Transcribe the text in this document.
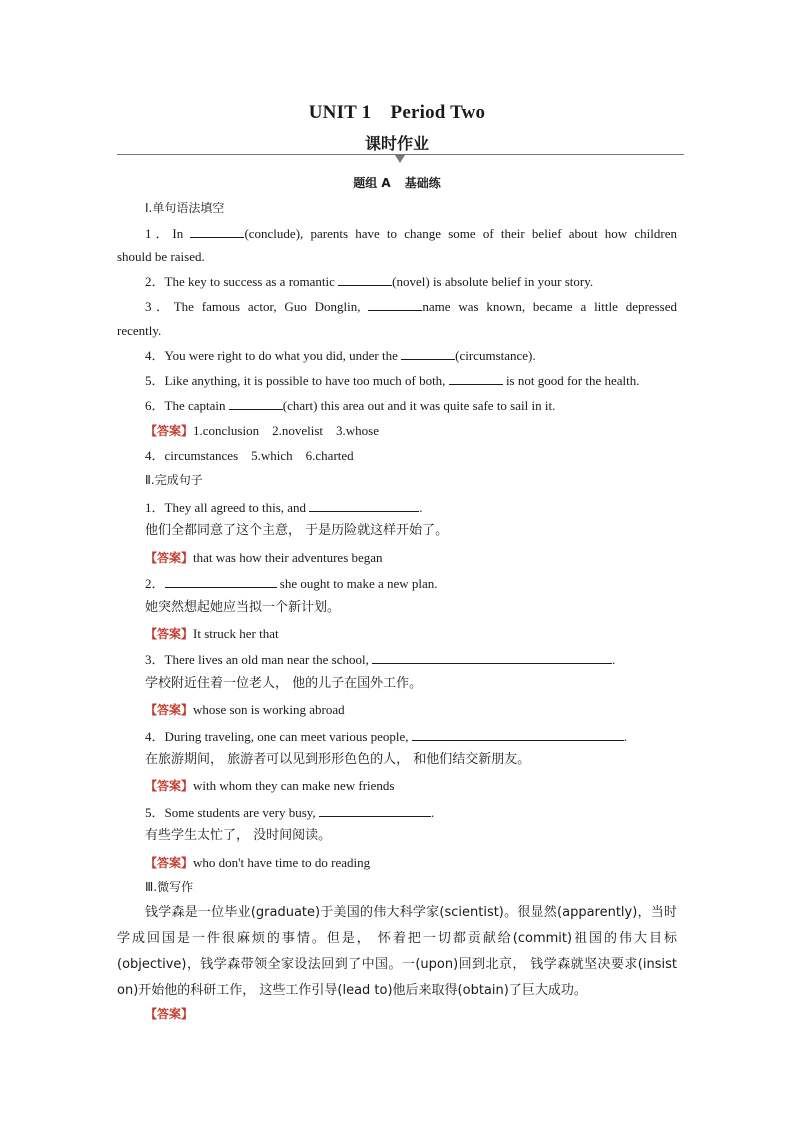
UNIT 1　Period Two
课时作业
题组 A 基础练
Ⅰ.单句语法填空
1．In	(conclude), parents have to change some of their belief about how children
should be raised.
2．The key to success as a romantic	(novel) is absolute belief in your story.
3．The famous actor, Guo Donglin,	name was known, became a little depressed
recently.
4．You were right to do what you did, under the	(circumstance).
5．Like anything, it is possible to have too much of both,	is not good for the health.
6．The captain	(chart) this area out and it was quite safe to sail in it.
【答案】1.conclusion　2.novelist　3.whose
4．circumstances　5.which　6.charted
Ⅱ.完成句子
1．They all agreed to this, and	.
他们全都同意了这个主意， 于是历险就这样开始了。
【答案】that was how their adventures began
2．	she ought to make a new plan.
她突然想起她应当拟一个新计划。
【答案】It struck her that
3．There lives an old man near the school,	.
学校附近住着一位老人， 他的儿子在国外工作。
【答案】whose son is working abroad
4．During traveling, one can meet various people,	.
在旅游期间， 旅游者可以见到形形色色的人， 和他们结交新朋友。
【答案】with whom they can make new friends
5．Some students are very busy,	.
有些学生太忙了， 没时间阅读。
【答案】who don't have time to do reading
Ⅲ.微写作
钱学森是一位毕业(graduate)于美国的伟大科学家(scientist)。很显然(apparently)，当时学成回国是一件很麻烦的事情。但是， 怀着把一切都贡献给(commit)祖国的伟大目标(objective)，钱学森带领全家设法回到了中国。一(upon)回到北京， 钱学森就坚决要求(insist on)开始他的科研工作， 这些工作引导(lead to)他后来取得(obtain)了巨大成功。
【答案】
